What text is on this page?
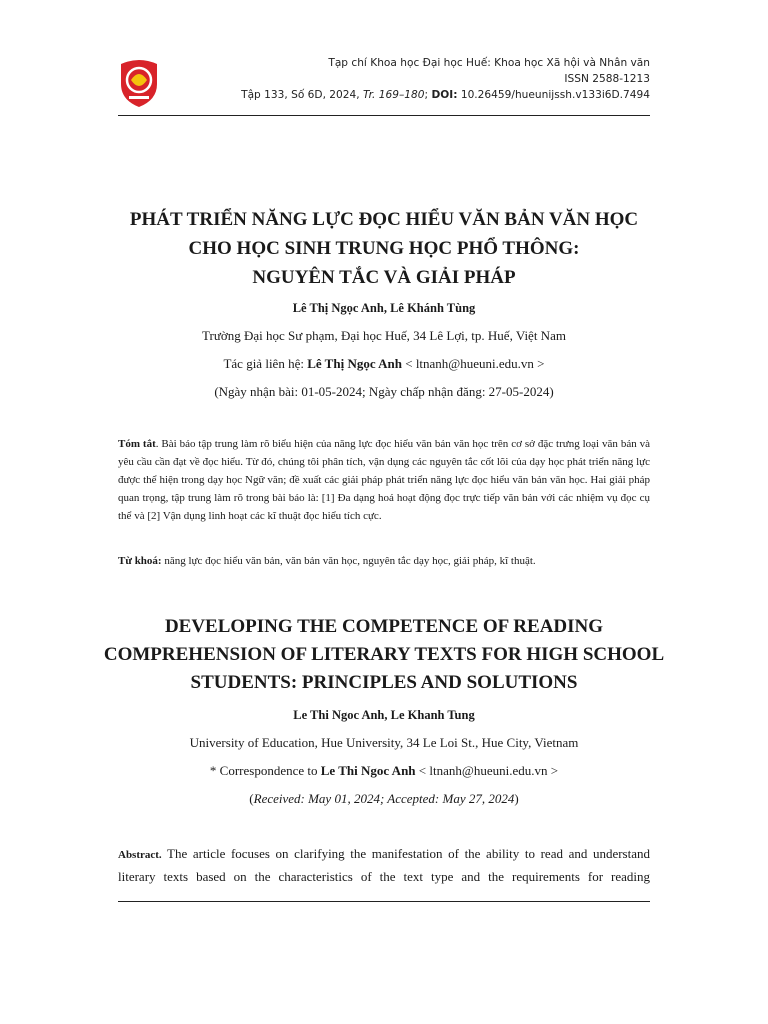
Tạp chí Khoa học Đại học Huế: Khoa học Xã hội và Nhân văn
ISSN 2588-1213
Tập 133, Số 6D, 2024, Tr. 169–180; DOI: 10.26459/hueunijssh.v133i6D.7494
PHÁT TRIỂN NĂNG LỰC ĐỌC HIỂU VĂN BẢN VĂN HỌC
CHO HỌC SINH TRUNG HỌC PHỔ THÔNG:
NGUYÊN TẮC VÀ GIẢI PHÁP
Lê Thị Ngọc Anh, Lê Khánh Tùng
Trường Đại học Sư phạm, Đại học Huế, 34 Lê Lợi, tp. Huế, Việt Nam
Tác giả liên hệ: Lê Thị Ngọc Anh < ltnanh@hueuni.edu.vn >
(Ngày nhận bài: 01-05-2024; Ngày chấp nhận đăng: 27-05-2024)
Tóm tắt. Bài báo tập trung làm rõ biểu hiện của năng lực đọc hiểu văn bản văn học trên cơ sở đặc trưng loại văn bản và yêu cầu cần đạt về đọc hiểu. Từ đó, chúng tôi phân tích, vận dụng các nguyên tắc cốt lõi của dạy học phát triển năng lực được thể hiện trong dạy học Ngữ văn; đề xuất các giải pháp phát triển năng lực đọc hiểu văn bản văn học. Hai giải pháp quan trọng, tập trung làm rõ trong bài báo là: [1] Đa dạng hoá hoạt động đọc trực tiếp văn bản với các nhiệm vụ đọc cụ thể và [2] Vận dụng linh hoạt các kĩ thuật đọc hiểu tích cực.
Từ khoá: năng lực đọc hiểu văn bản, văn bản văn học, nguyên tắc dạy học, giải pháp, kĩ thuật.
DEVELOPING THE COMPETENCE OF READING
COMPREHENSION OF LITERARY TEXTS FOR HIGH SCHOOL
STUDENTS: PRINCIPLES AND SOLUTIONS
Le Thi Ngoc Anh, Le Khanh Tung
University of Education, Hue University, 34 Le Loi St., Hue City, Vietnam
* Correspondence to Le Thi Ngoc Anh < ltnanh@hueuni.edu.vn >
(Received: May 01, 2024; Accepted: May 27, 2024)
Abstract. The article focuses on clarifying the manifestation of the ability to read and understand
literary texts based on the characteristics of the text type and the requirements for reading
